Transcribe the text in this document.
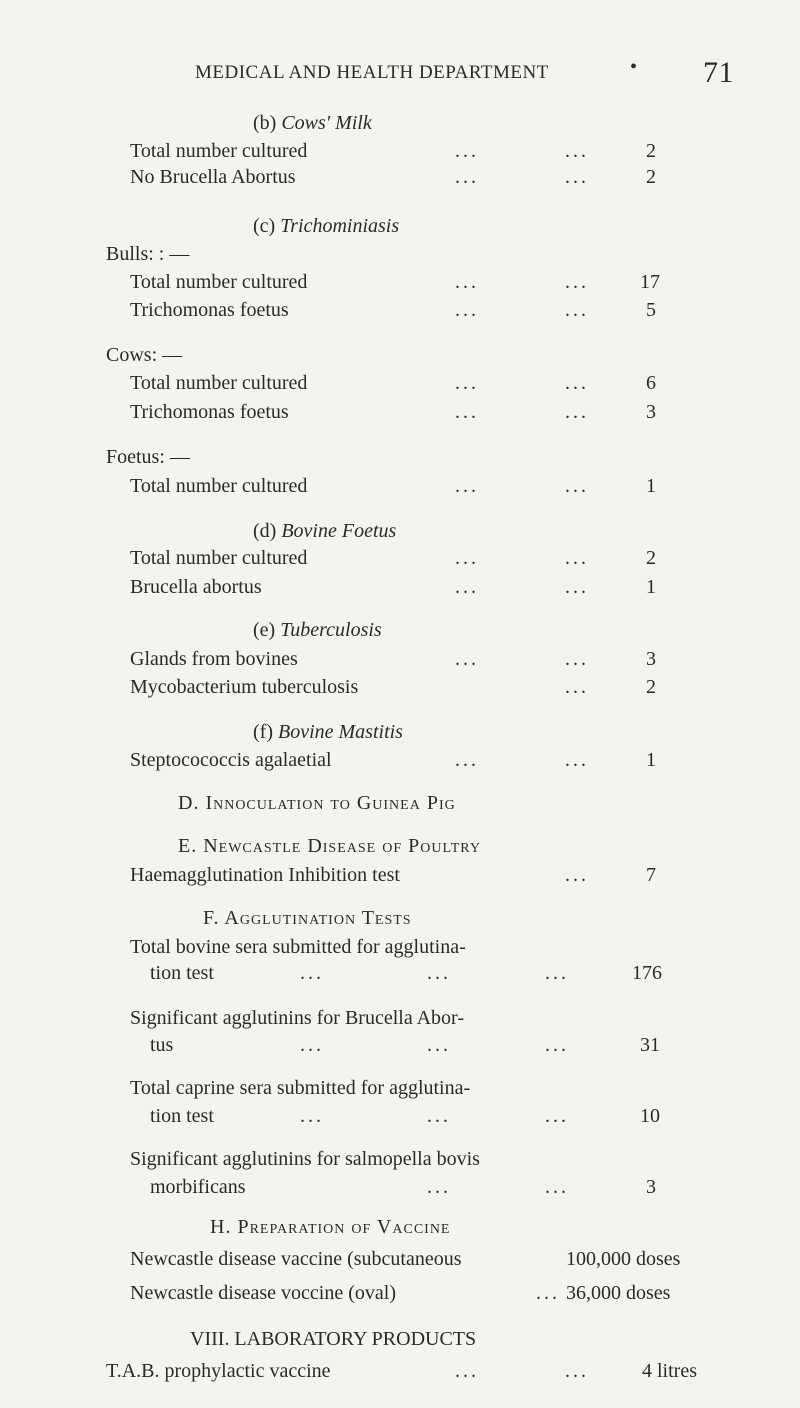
MEDICAL AND HEALTH DEPARTMENT	• 71
(b) Cows' Milk
Total number cultured	...	...	2
No Brucella Abortus	...	...	2
(c) Trichominiasis
Bulls: : —
Total number cultured	...	...	17
Trichomonas foetus	...	...	5
Cows: —
Total number cultured	...	...	6
Trichomonas foetus	...	...	3
Foetus: —
Total number cultured	...	...	1
(d) Bovine Foetus
Total number cultured	...	...	2
Brucella abortus	...	...	1
(e) Tuberculosis
Glands from bovines	...	...	3
Mycobacterium tuberculosis	...	2
(f) Bovine Mastitis
Steptocococcis agalaetial	...	...	1
D. Innoculation to Guinea Pig
E. Newcastle Disease of Poultry
Haemagglutination Inhibition test	...	7
F. Agglutination Tests
Total bovine sera submitted for agglutina-
tion test	...	...	...	176
Significant agglutinins for Brucella Abor-
tus	...	...	...	31
Total caprine sera submitted for agglutina-
tion test	...	...	...	10
Significant agglutinins for salmopella bovis
morbificans	...	...	3
H. Preparation of Vaccine
Newcastle disease vaccine (subcutaneous	100,000 doses
Newcastle disease voccine (oval)	... 36,000 doses
VIII. LABORATORY PRODUCTS
T.A.B. prophylactic vaccine	...	...	4 litres
